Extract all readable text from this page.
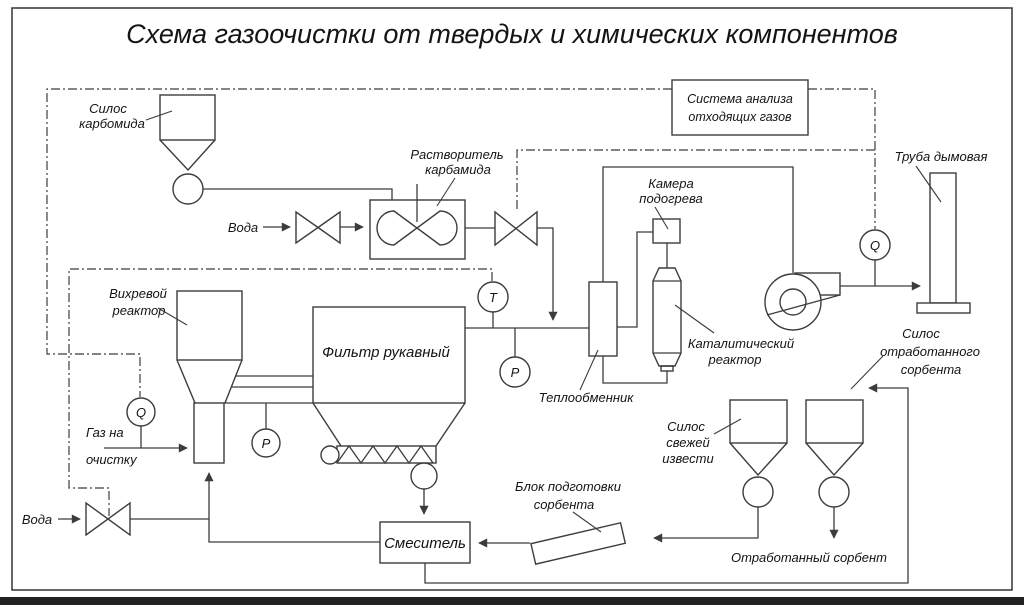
Схема газоочистки от твердых и химических компонентов
Система анализа
отходящих газов
Фильтр рукавный
Смеситель
Q
P
T
P
Q
Силос
карбомида
Растворитель
карбамида
Вода
Вода
Вихревой
реактор
Газ на
очистку
Теплообменник
Камера
подогрева
Каталитический
реактор
Труба дымовая
Блок подготовки
сорбента
Силос
свежей
извести
Силос
отработанного
сорбента
Отработанный сорбент
